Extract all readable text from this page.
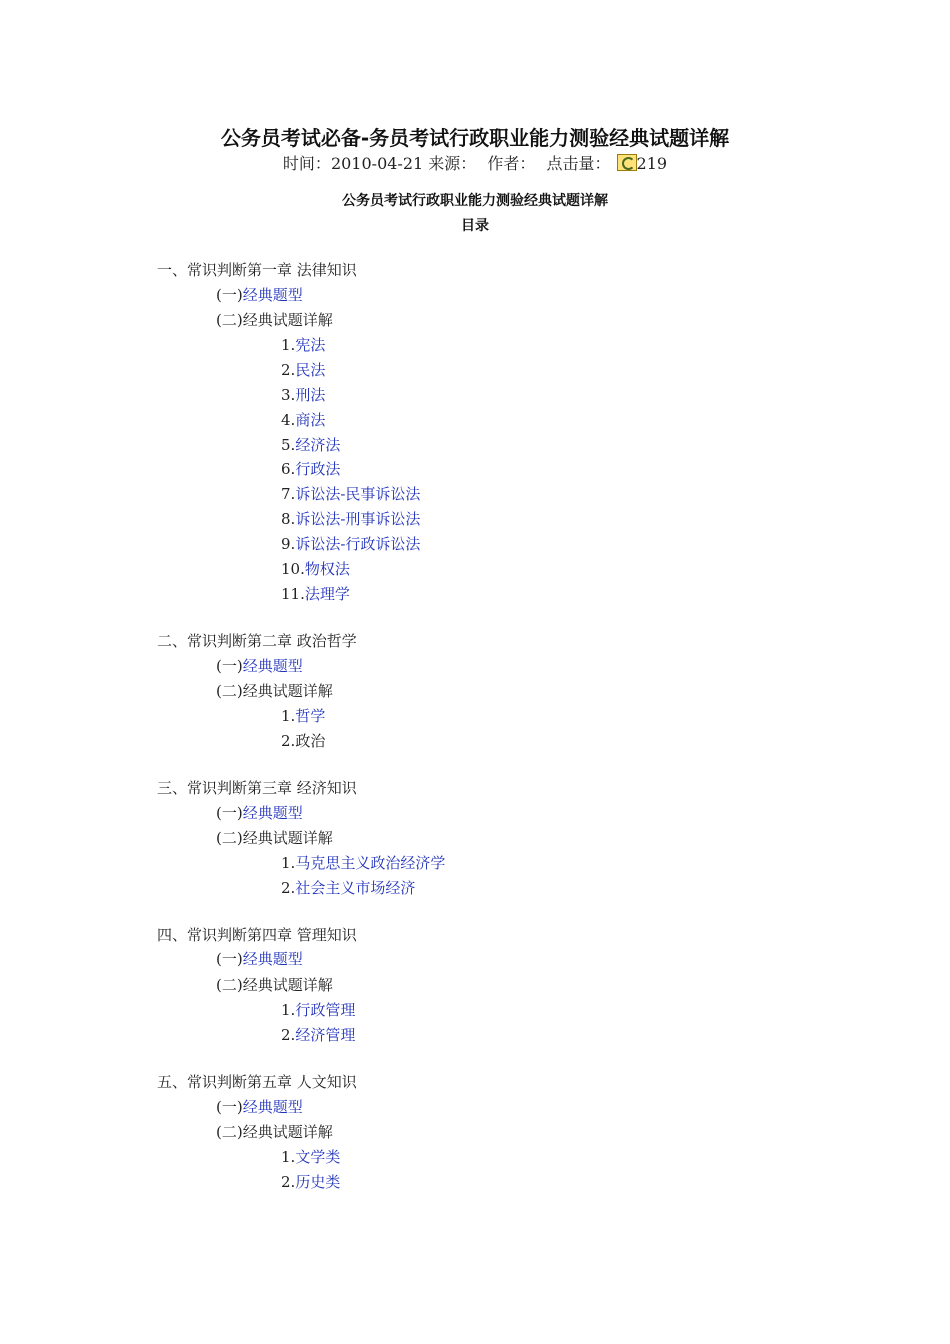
公务员考试必备-务员考试行政职业能力测验经典试题详解
时间：2010-04-21 来源： 作者： 点击量： 219
公务员考试行政职业能力测验经典试题详解
目录
一、常识判断第一章 法律知识
(一)经典题型
(二)经典试题详解
1.宪法
2.民法
3.刑法
4.商法
5.经济法
6.行政法
7.诉讼法-民事诉讼法
8.诉讼法-刑事诉讼法
9.诉讼法-行政诉讼法
10.物权法
11.法理学
二、常识判断第二章 政治哲学
(一)经典题型
(二)经典试题详解
1.哲学
2.政治
三、常识判断第三章 经济知识
(一)经典题型
(二)经典试题详解
1.马克思主义政治经济学
2.社会主义市场经济
四、常识判断第四章 管理知识
(一)经典题型
(二)经典试题详解
1.行政管理
2.经济管理
五、常识判断第五章 人文知识
(一)经典题型
(二)经典试题详解
1.文学类
2.历史类
